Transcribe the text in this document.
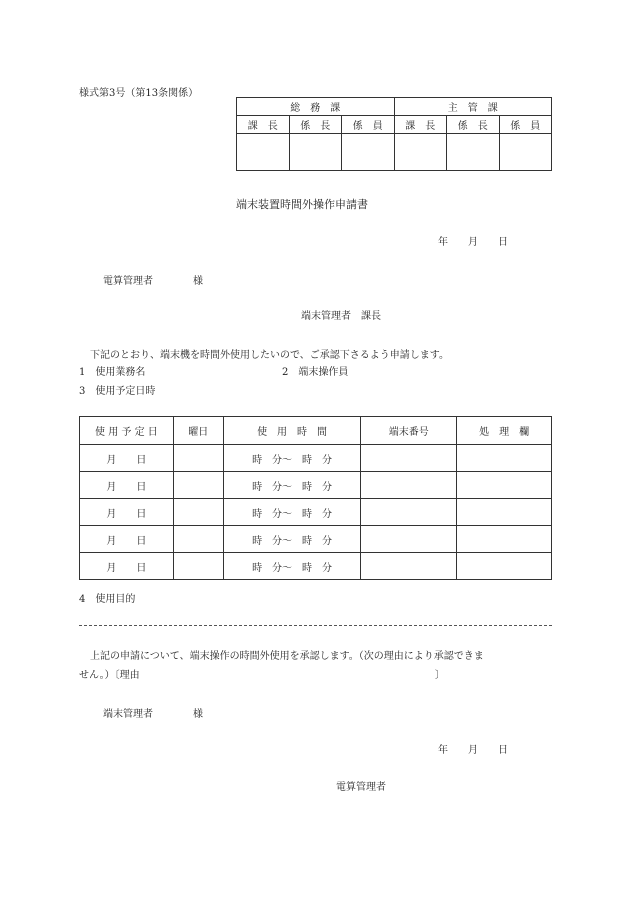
様式第3号（第13条関係）
総　務　課			主　管　課		
課　長	係　長	係　員	課　長	係　長	係　員

端末装置時間外操作申請書
年　　月　　日
電算管理者　　　　様
端末管理者　課長
下記のとおり、端末機を時間外使用したいので、ご承認下さるよう申請します。
1　使用業務名	2　端末操作員
3　使用予定日時
使 用 予 定 日	曜日	使　用　時　間	端末番号	処　理　欄
月　　日		時　分〜　時　分		
月　　日		時　分〜　時　分		
月　　日		時　分〜　時　分		
月　　日		時　分〜　時　分		
月　　日		時　分〜　時　分		
4　使用目的
上記の申請について、端末操作の時間外使用を承認します。（次の理由により承認できま
せん。）〔理由	〕
端末管理者　　　　様
年　　月　　日
電算管理者
